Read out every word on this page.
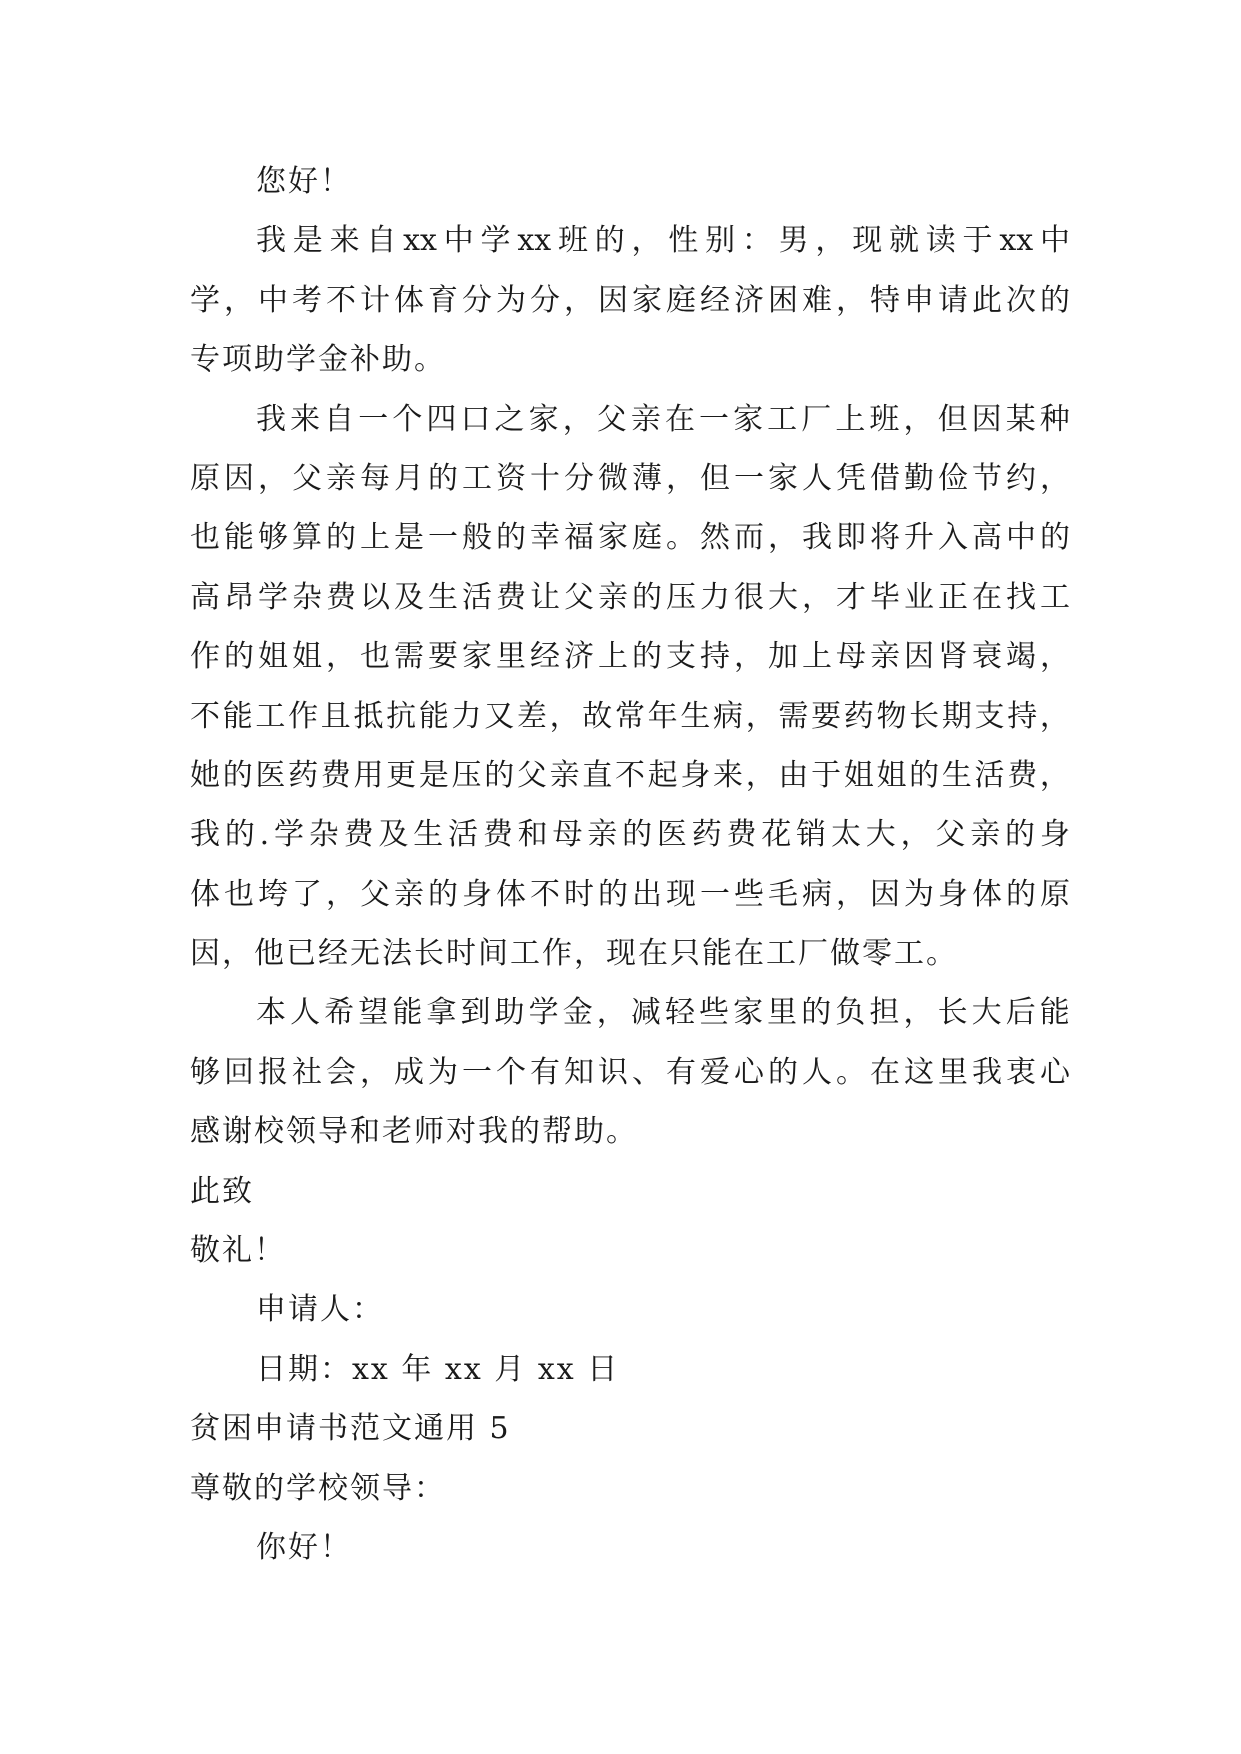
您好！
我 是 来 自 xx 中 学 xx 班 的 ， 性 别 ： 男 ， 现 就 读 于 xx 中
学 ， 中 考 不 计 体 育 分 为 分 ， 因 家 庭 经 济 困 难 ， 特 申 请 此 次 的
专项助学金补助。
我 来 自 一 个 四 口 之 家 ， 父 亲 在 一 家 工 厂 上 班 ， 但 因 某 种
原 因 ， 父 亲 每 月 的 工 资 十 分 微 薄 ， 但 一 家 人 凭 借 勤 俭 节 约 ，
也 能 够 算 的 上 是 一 般 的 幸 福 家 庭 。 然 而 ， 我 即 将 升 入 高 中 的
高 昂 学 杂 费 以 及 生 活 费 让 父 亲 的 压 力 很 大 ， 才 毕 业 正 在 找 工
作 的 姐 姐 ， 也 需 要 家 里 经 济 上 的 支 持 ， 加 上 母 亲 因 肾 衰 竭 ，
不 能 工 作 且 抵 抗 能 力 又 差 ， 故 常 年 生 病 ， 需 要 药 物 长 期 支 持 ，
她 的 医 药 费 用 更 是 压 的 父 亲 直 不 起 身 来 ， 由 于 姐 姐 的 生 活 费 ，
我 的 . 学 杂 费 及 生 活 费 和 母 亲 的 医 药 费 花 销 太 大 ， 父 亲 的 身
体 也 垮 了 ， 父 亲 的 身 体 不 时 的 出 现 一 些 毛 病 ， 因 为 身 体 的 原
因，他已经无法长时间工作，现在只能在工厂做零工。
本 人 希 望 能 拿 到 助 学 金 ， 减 轻 些 家 里 的 负 担 ， 长 大 后 能
够 回 报 社 会 ， 成 为 一 个 有 知 识 、 有 爱 心 的 人 。 在 这 里 我 衷 心
感谢校领导和老师对我的帮助。
此致
敬礼！
申请人：
日期：xx 年 xx 月 xx 日
贫困申请书范文通用 5
尊敬的学校领导：
你好！
